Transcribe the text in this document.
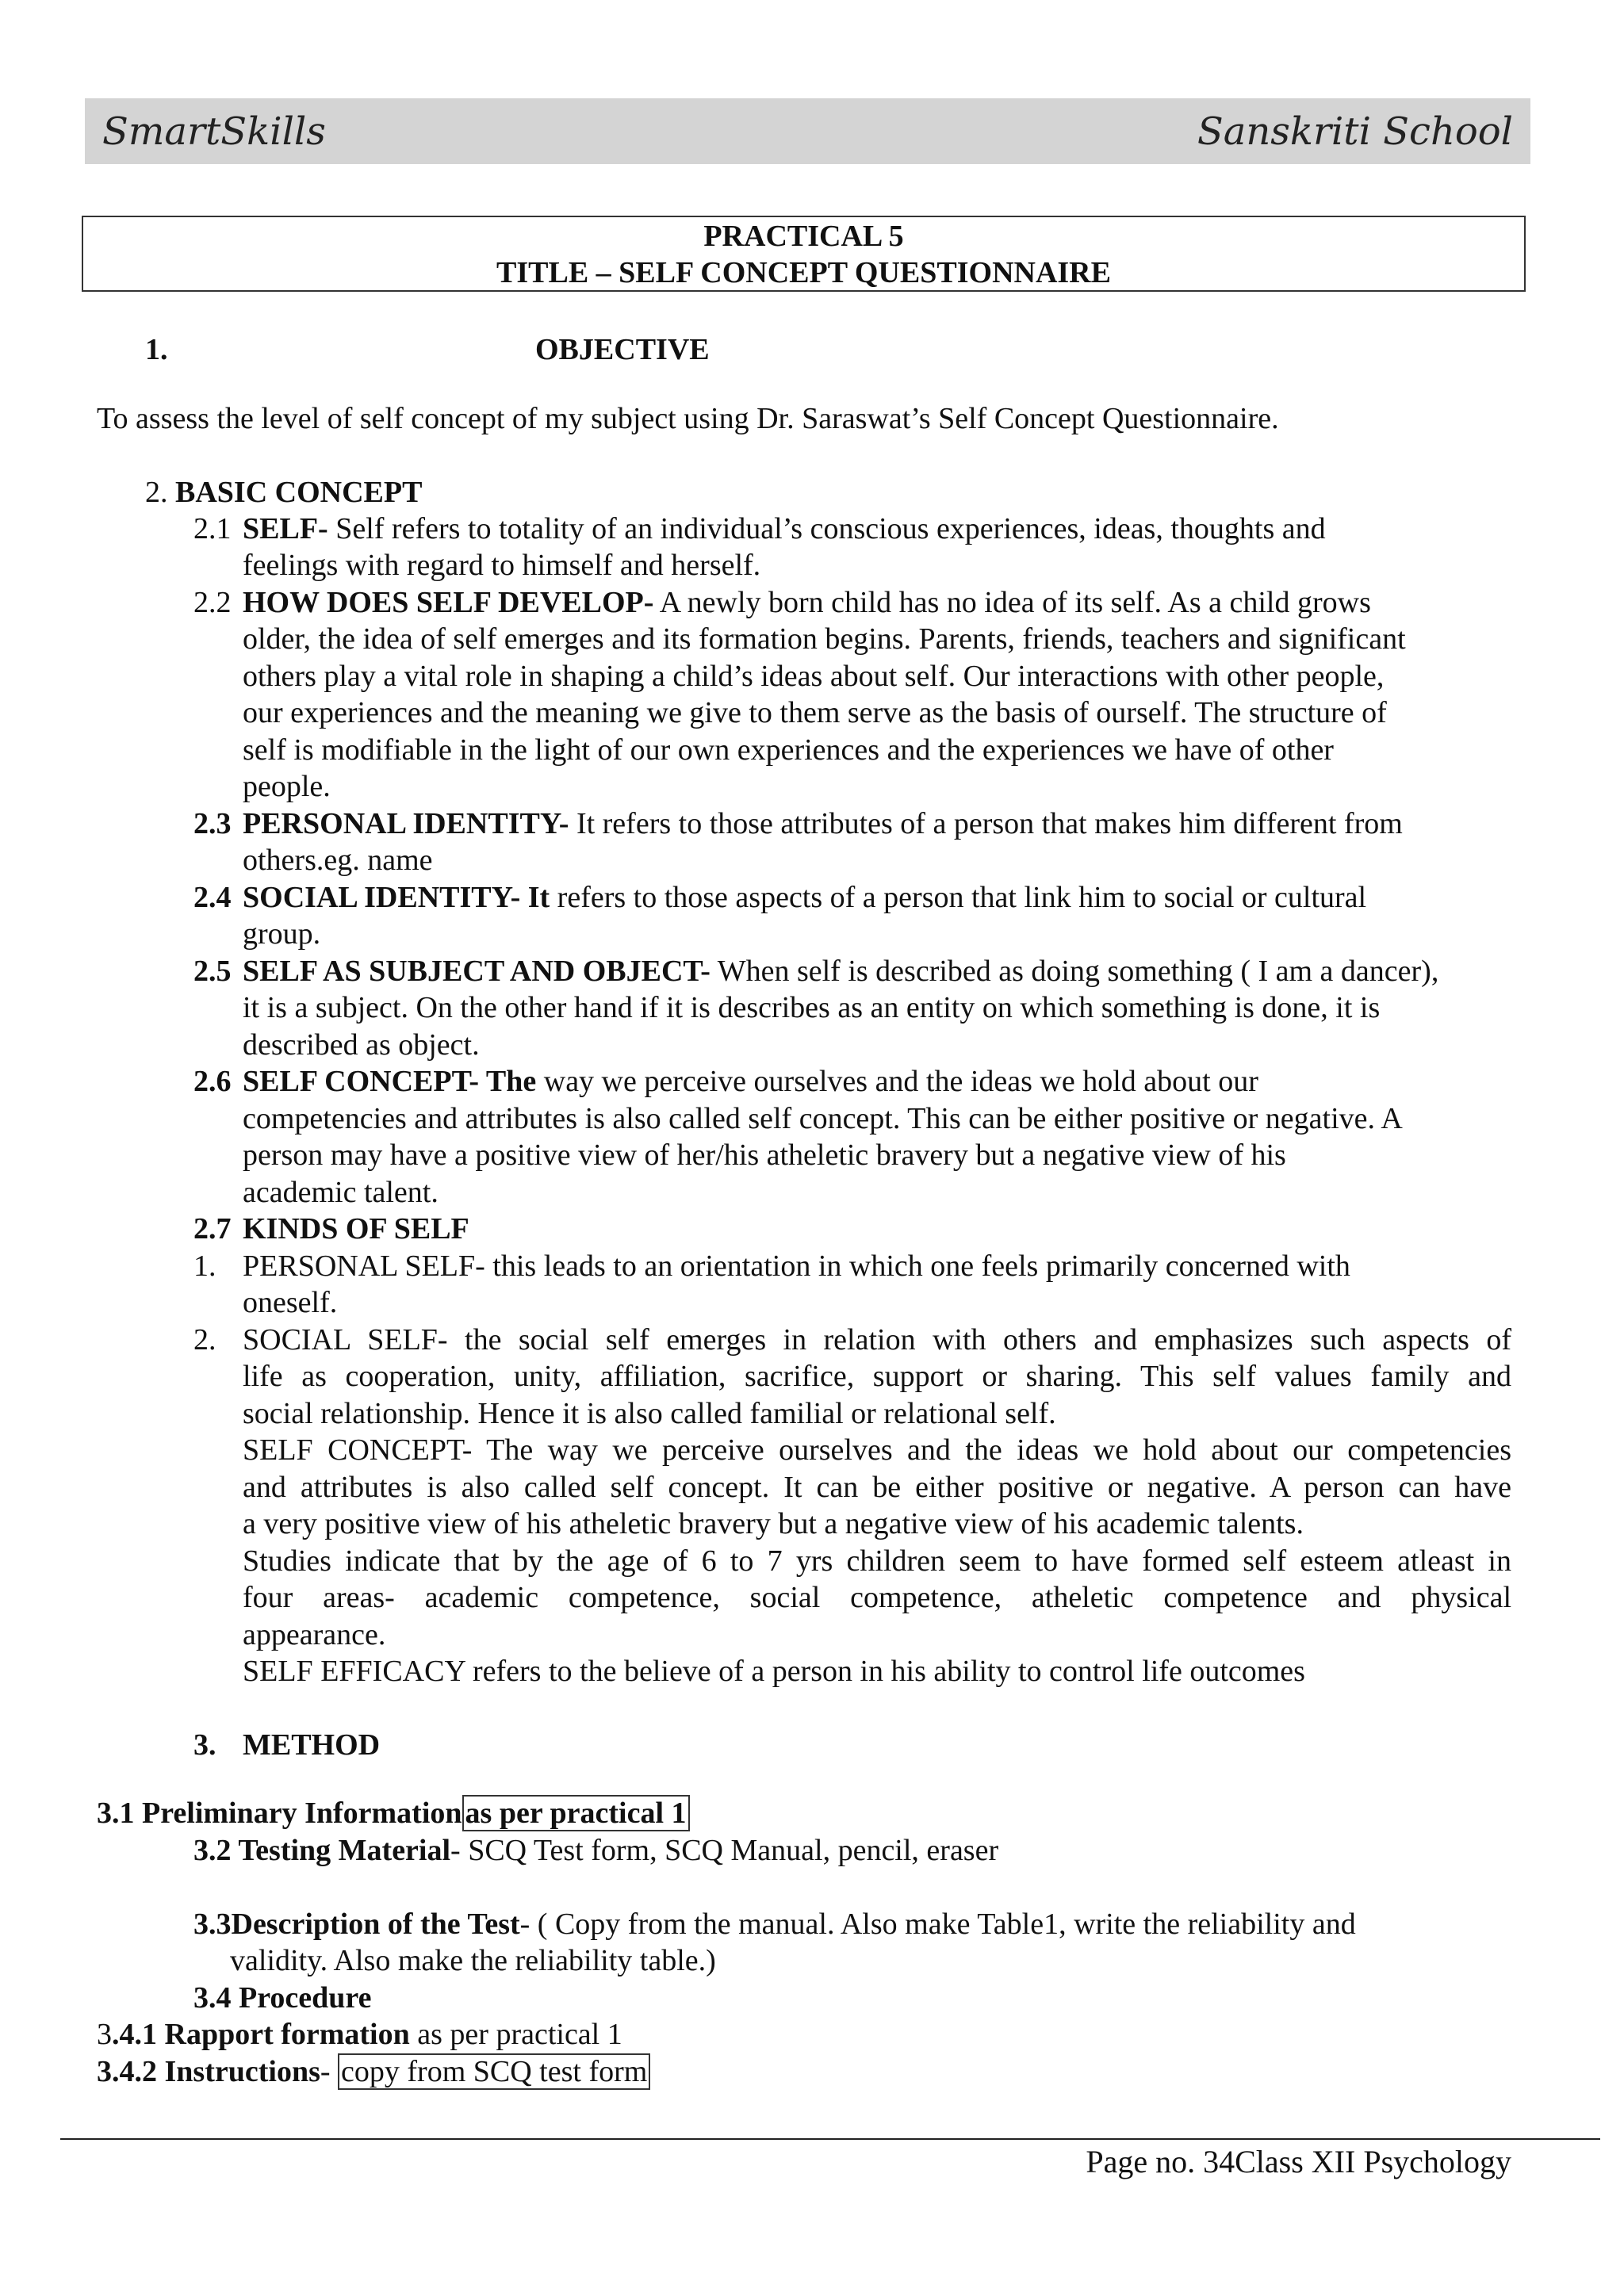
SmartSkills	Sanskriti School
PRACTICAL 5
TITLE – SELF CONCEPT QUESTIONNAIRE
1.	OBJECTIVE
To assess the level of self concept of my subject using Dr. Saraswat’s Self Concept Questionnaire.
2. BASIC CONCEPT
2.1 SELF- Self refers to totality of an individual’s conscious experiences, ideas, thoughts and
feelings with regard to himself and herself.
2.2 HOW DOES SELF DEVELOP- A newly born child has no idea of its self. As a child grows
older, the idea of self emerges and its formation begins. Parents, friends, teachers and significant
others play a vital role in shaping a child’s ideas about self. Our interactions with other people,
our experiences and the meaning we give to them serve as the basis of ourself. The structure of
self is modifiable in the light of our own experiences and the experiences we have of other
people.
2.3 PERSONAL IDENTITY- It refers to those attributes of a person that makes him different from
others.eg. name
2.4 SOCIAL IDENTITY- It refers to those aspects of a person that link him to social or cultural
group.
2.5 SELF AS SUBJECT AND OBJECT- When self is described as doing something ( I am a dancer),
it is a subject. On the other hand if it is describes as an entity on which something is done, it is
described as object.
2.6 SELF CONCEPT- The way we perceive ourselves and the ideas we hold about our
competencies and attributes is also called self concept. This can be either positive or negative. A
person may have a positive view of her/his atheletic bravery but a negative view of his
academic talent.
2.7 KINDS OF SELF
1. PERSONAL SELF- this leads to an orientation in which one feels primarily concerned with
oneself.
2. SOCIAL SELF- the social self emerges in relation with others and emphasizes such aspects of
life as cooperation, unity, affiliation, sacrifice, support or sharing. This self values family and
social relationship. Hence it is also called familial or relational self.
SELF CONCEPT- The way we perceive ourselves and the ideas we hold about our competencies
and attributes is also called self concept. It can be either positive or negative. A person can have
a very positive view of his atheletic bravery but a negative view of his academic talents.
Studies indicate that by the age of 6 to 7 yrs children seem to have formed self esteem atleast in
four areas- academic competence, social competence, atheletic competence and physical
appearance.
SELF EFFICACY refers to the believe of a person in his ability to control life outcomes
3. METHOD
3.1 Preliminary Information as per practical 1
3.2 Testing Material- SCQ Test form, SCQ Manual, pencil, eraser
3.3Description of the Test- ( Copy from the manual. Also make Table1, write the reliability and
validity. Also make the reliability table.)
3.4 Procedure
3.4.1 Rapport formation as per practical 1
3.4.2 Instructions- copy from SCQ test form
Page no. 34Class XII Psychology
